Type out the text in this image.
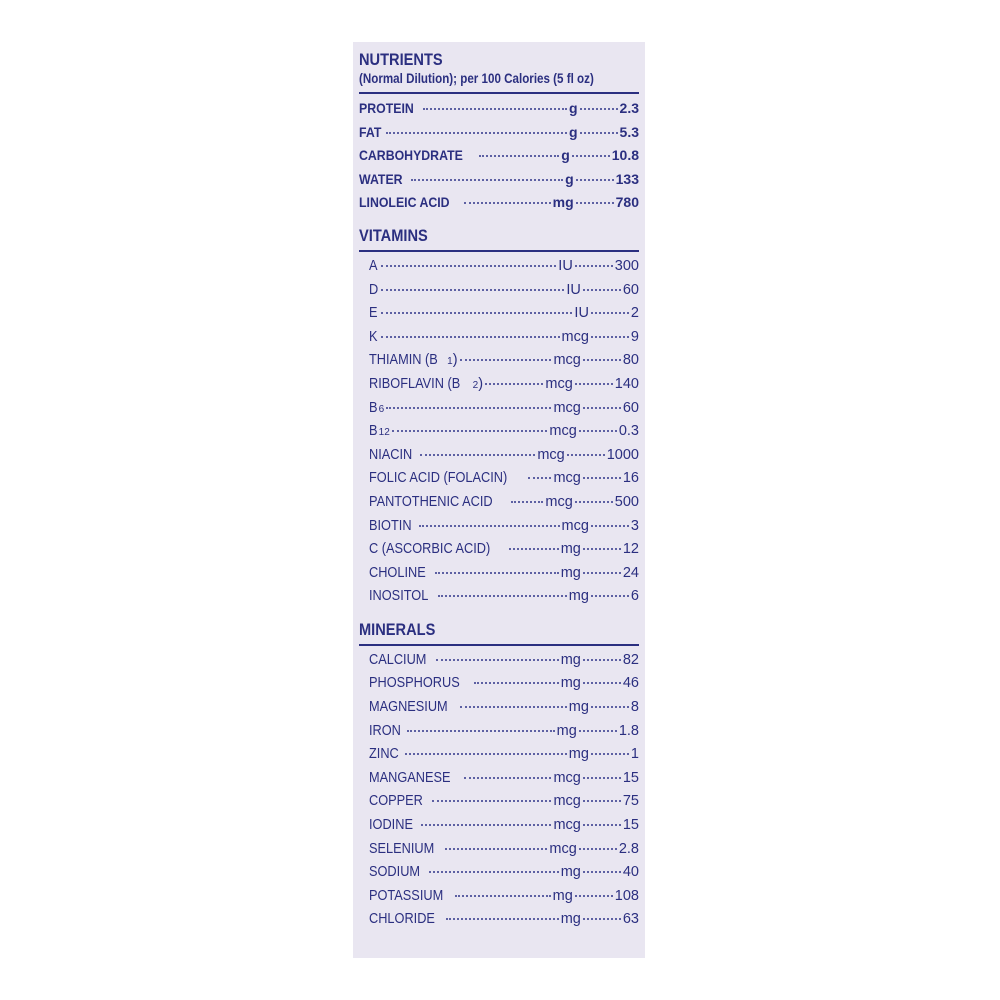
NUTRIENTS
(Normal Dilution); per 100 Calories (5 fl oz)
PROTEIN	g	2.3
FAT	g	5.3
CARBOHYDRATE	g	10.8
WATER	g	133
LINOLEIC ACID	mg	780
VITAMINS
A	IU	300
D	IU	60
E	IU	2
K	mcg	9
THIAMIN (B 1)	mcg	80
RIBOFLAVIN (B 2)	mcg	140
B6	mcg	60
B12	mcg	0.3
NIACIN	mcg	1000
FOLIC ACID (FOLACIN)	mcg	16
PANTOTHENIC ACID	mcg	500
BIOTIN	mcg	3
C (ASCORBIC ACID)	mg	12
CHOLINE	mg	24
INOSITOL	mg	6
MINERALS
CALCIUM	mg	82
PHOSPHORUS	mg	46
MAGNESIUM	mg	8
IRON	mg	1.8
ZINC	mg	1
MANGANESE	mcg	15
COPPER	mcg	75
IODINE	mcg	15
SELENIUM	mcg	2.8
SODIUM	mg	40
POTASSIUM	mg	108
CHLORIDE	mg	63
